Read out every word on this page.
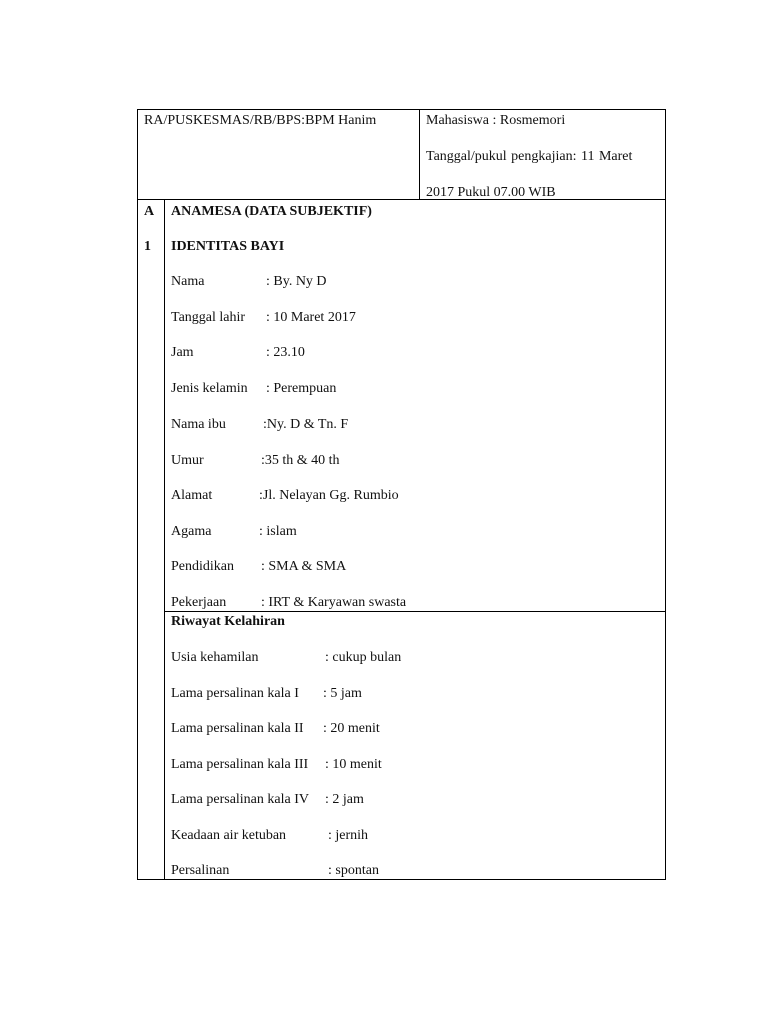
RA/PUSKESMAS/RB/BPS:BPM Hanim	Mahasiswa : Rosmemori
Tanggal/pukul pengkajian: 11 Maret
2017 Pukul 07.00 WIB
A
1
ANAMESA (DATA SUBJEKTIF)
IDENTITAS BAYI
Nama	: By. Ny D
Tanggal lahir : 10 Maret 2017
Jam	: 23.10
Jenis kelamin : Perempuan
Nama ibu	:Ny. D & Tn. F
Umur	:35 th & 40 th
Alamat	:Jl. Nelayan Gg. Rumbio
Agama	: islam
Pendidikan : SMA & SMA
Pekerjaan : IRT & Karyawan swasta
Riwayat Kelahiran
Usia kehamilan	: cukup bulan
Lama persalinan kala I : 5 jam
Lama persalinan kala II : 20 menit
Lama persalinan kala III : 10 menit
Lama persalinan kala IV : 2 jam
Keadaan air ketuban	: jernih
Persalinan	: spontan
